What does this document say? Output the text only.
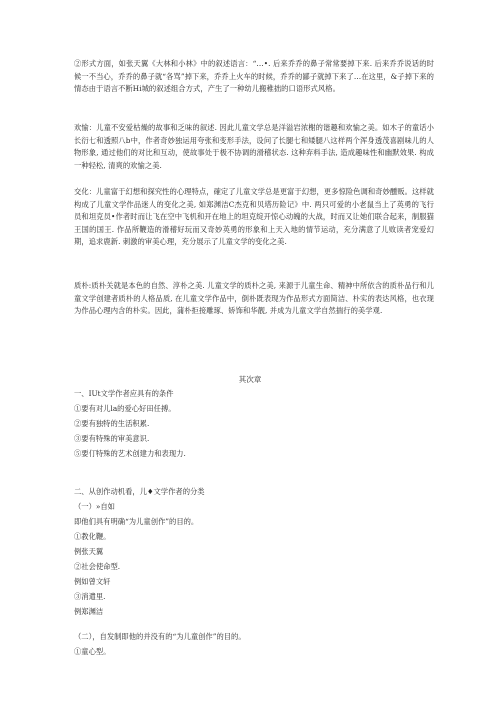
②形式方面，如张天翼《大林和小林》中的叙述语言：“…•. 后来乔乔的鼻子常常要掉下来. 后来乔乔说话的时候一不当心，乔乔的鼻子就“各骂”掉下来，乔乔上火车的时候，乔乔的鄙子就掉下来了…在这里，&子掉下来的情态由于语言不断Hi城的叙述组合方式，产生了一种幼儿搬稚拙的口语形式风格。

欢愉：儿童不安爱枯燥的故事和乏味的叙述. 因此儿童文学总是洋溢岩浓榭的谐趣和欢愉之美。如木子的童话小长衍七和透照八b中，作者奇妙独运用夸张和变形手法，设问了长腿七和矮腿八这样两个浑身透茂喜剧味儿的人物形象, 通过他们的对比和互动，使故事处于极不协调的滑稽状态. 这种弃料手法, 造成趣味性和幽默效果. 构成一种轻松, 清爽的欢愉之美.

交化：儿童富于幻想和探究性的心理特点，確定了儿童文学总是更富于幻想，更多惊险色调和奇妙醺贩。这样就构成了儿童文学作品迷人的变化之美, 如郑渊洁C杰克和贝塔历险记》中. 两只可爱的小老鼠当上了英勇的飞行员和坦克员•作者时而让飞在空中飞机和开在地上的坦克绽开惊心动魄的大战，时而又让她们联合起来，制服猫王国的国王. 作品所鞭造的滑稽好玩而又奇妙英勇的形象和上天入地的情节运动，充分满意了儿败读者宠爱幻期，追求鹿新. 刺激的审美心理，充分展示了儿童文学的变化之美.

质朴:质朴关就是本色的自然、淳朴之美. 儿童文学的质朴之美, 来源于儿童生命、精神中所依含的质朴品行和儿童文学创建者质朴的人格品质, 在儿童文学作品中，倒朴既表现为作品形式方面简洁、朴实的表达风格，也衣现为作品心理内含的朴实。因此，蒲朴拒接雕琢、矫饰和华靓, 并成为儿童文学自然揣行的美学观.

其次章

一、IUt文学作者应具有的条件

①要有对儿la的爱心好田任搏。

②要有独特的生活积累.

③要有特殊的审美意识.

⑤要仃特殊的艺术创建力和表现力.

二、从创作动机看，儿♦文学作者的分类

（一）»自如

即他们具有明确“为儿童创作”的目的。

①教化鞭。

例张天翼

②社会使命型.

例如曾文轩

③消遣里.

例郑渊洁

（二），自发制即他的并没有的“为儿童创作”的目的。

①童心型。
